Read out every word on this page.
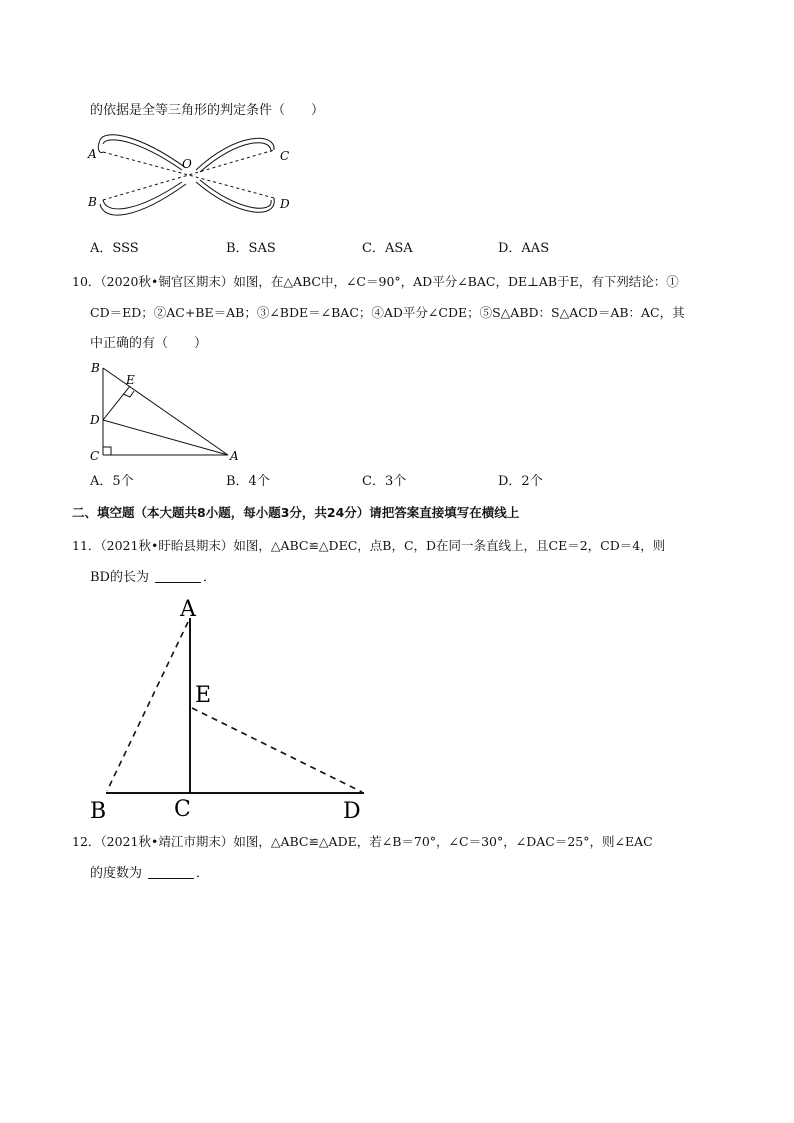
的依据是全等三角形的判定条件（　　）
A
O
C
B	D
A．SSS	B．SAS	C．ASA	D．AAS
10．（2020秋•铜官区期末）如图，在△ABC中，∠C＝90°，AD平分∠BAC，DE⊥AB于E，有下列结论：①
CD＝ED；②AC+BE＝AB；③∠BDE＝∠BAC；④AD平分∠CDE；⑤S△ABD：S△ACD＝AB：AC，其
中正确的有（　　）
B
E
D
C	A
A．5个	B．4个	C．3个	D．2个
二、填空题（本大题共8小题，每小题3分，共24分）请把答案直接填写在横线上
11．（2021秋•盱眙县期末）如图，△ABC≌△DEC，点B，C，D在同一条直线上，且CE＝2，CD＝4，则
BD的长为	．
A
E
B	C	D
12．（2021秋•靖江市期末）如图，△ABC≌△ADE，若∠B＝70°，∠C＝30°，∠DAC＝25°，则∠EAC
的度数为	．
